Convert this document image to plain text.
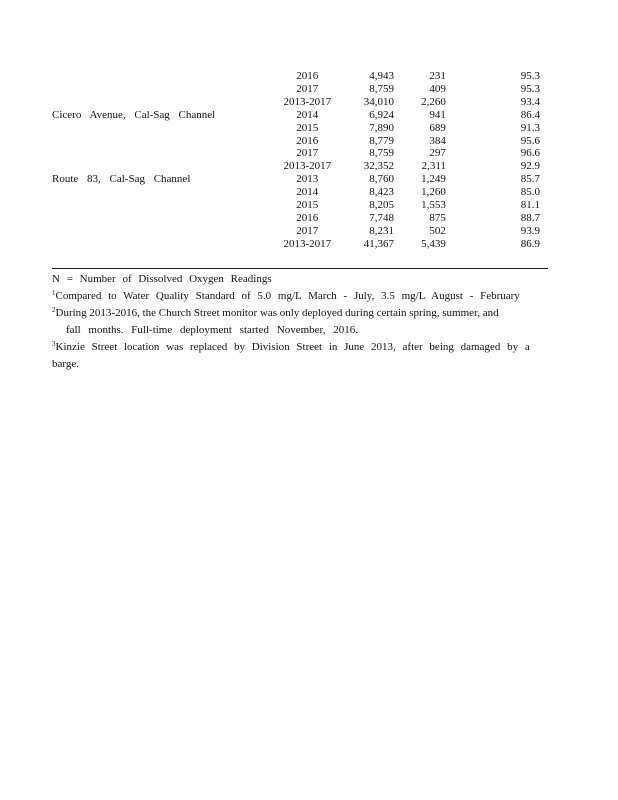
	2016	4,943	231	95.3
	2017	8,759	409	95.3
	2013-2017	34,010	2,260	93.4
Cicero Avenue, Cal-Sag Channel	2014	6,924	941	86.4
	2015	7,890	689	91.3
	2016	8,779	384	95.6
	2017	8,759	297	96.6
	2013-2017	32,352	2,311	92.9
Route 83, Cal-Sag Channel	2013	8,760	1,249	85.7
	2014	8,423	1,260	85.0
	2015	8,205	1,553	81.1
	2016	7,748	875	88.7
	2017	8,231	502	93.9
	2013-2017	41,367	5,439	86.9

N = Number of Dissolved Oxygen Readings

$^1$Compared to Water Quality Standard of 5.0 mg/L March - July, 3.5 mg/L August - February

$^2$During 2013-2016, the Church Street monitor was only deployed during certain spring, summer, and
fall months. Full-time deployment started November, 2016.

$^3$Kinzie Street location was replaced by Division Street in June 2013, after being damaged by a barge.
